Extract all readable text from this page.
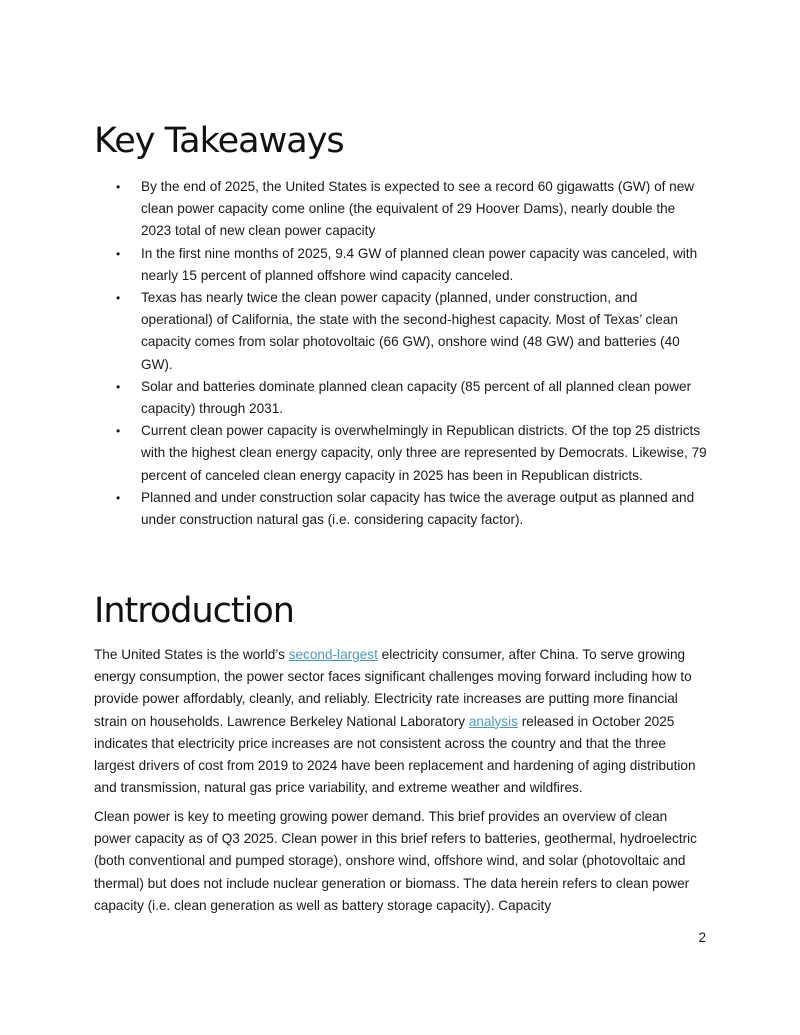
Key Takeaways
• By the end of 2025, the United States is expected to see a record 60 gigawatts (GW) of new clean power capacity come online (the equivalent of 29 Hoover Dams), nearly double the 2023 total of new clean power capacity
• In the first nine months of 2025, 9.4 GW of planned clean power capacity was canceled, with nearly 15 percent of planned offshore wind capacity canceled.
• Texas has nearly twice the clean power capacity (planned, under construction, and operational) of California, the state with the second-highest capacity. Most of Texas’ clean capacity comes from solar photovoltaic (66 GW), onshore wind (48 GW) and batteries (40 GW).
• Solar and batteries dominate planned clean capacity (85 percent of all planned clean power capacity) through 2031.
• Current clean power capacity is overwhelmingly in Republican districts. Of the top 25 districts with the highest clean energy capacity, only three are represented by Democrats. Likewise, 79 percent of canceled clean energy capacity in 2025 has been in Republican districts.
• Planned and under construction solar capacity has twice the average output as planned and under construction natural gas (i.e. considering capacity factor).
Introduction

The United States is the world’s second-largest electricity consumer, after China. To serve growing energy consumption, the power sector faces significant challenges moving forward including how to provide power affordably, cleanly, and reliably. Electricity rate increases are putting more financial strain on households. Lawrence Berkeley National Laboratory analysis released in October 2025 indicates that electricity price increases are not consistent across the country and that the three largest drivers of cost from 2019 to 2024 have been replacement and hardening of aging distribution and transmission, natural gas price variability, and extreme weather and wildfires.

Clean power is key to meeting growing power demand. This brief provides an overview of clean power capacity as of Q3 2025. Clean power in this brief refers to batteries, geothermal, hydroelectric (both conventional and pumped storage), onshore wind, offshore wind, and solar (photovoltaic and thermal) but does not include nuclear generation or biomass. The data herein refers to clean power capacity (i.e. clean generation as well as battery storage capacity). Capacity

2
